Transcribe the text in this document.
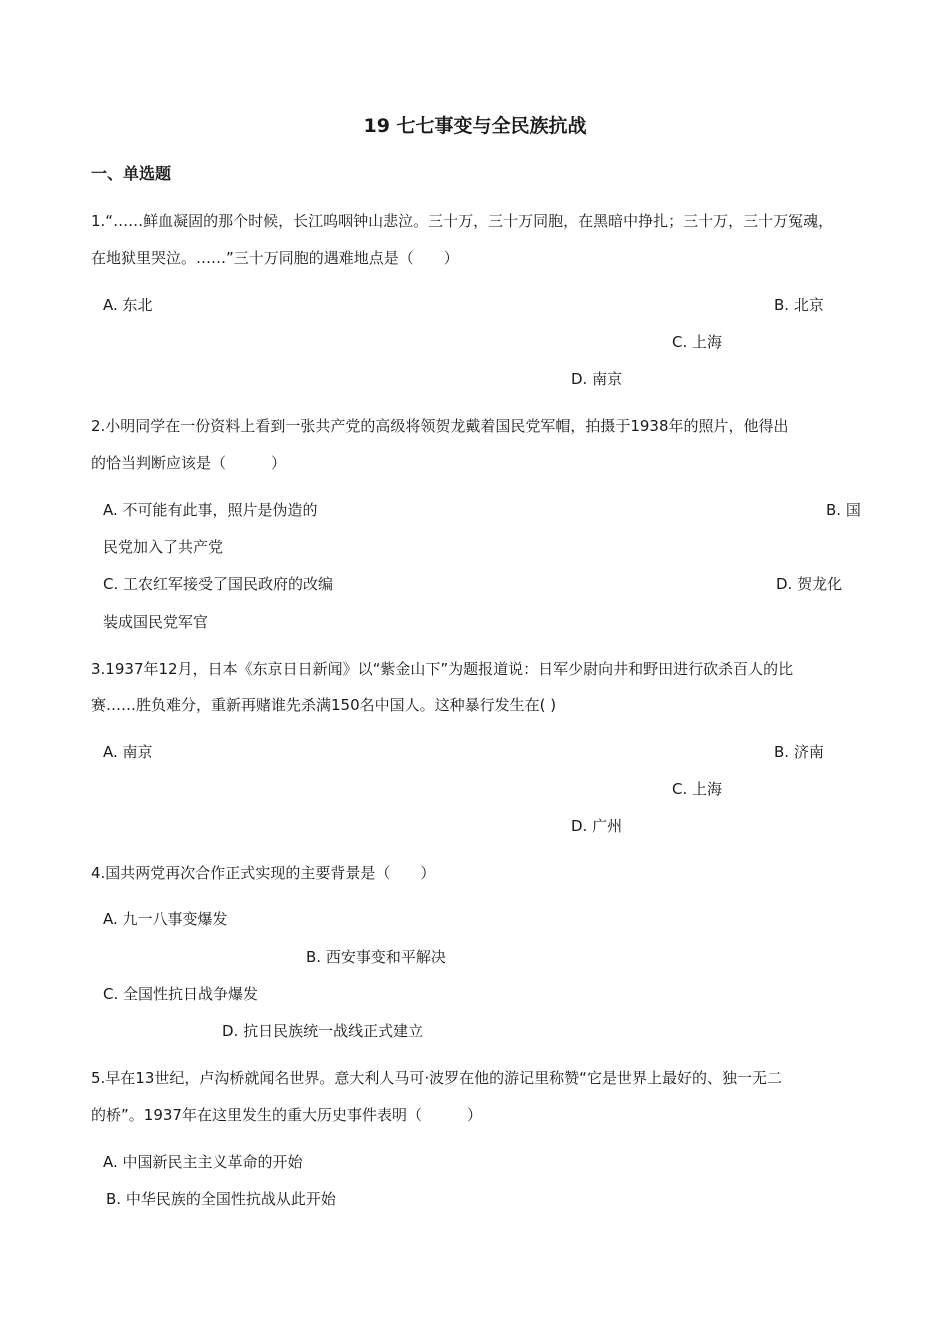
19 七七事变与全民族抗战
一、单选题
1.“……鲜血凝固的那个时候，长江呜咽钟山悲泣。三十万，三十万同胞，在黑暗中挣扎；三十万，三十万冤魂，
在地狱里哭泣。……”三十万同胞的遇难地点是（　　）
A. 东北	B. 北京
C. 上海
D. 南京
2.小明同学在一份资料上看到一张共产党的高级将领贺龙戴着国民党军帽，拍摄于1938年的照片，他得出
的恰当判断应该是（　　　）
A. 不可能有此事，照片是伪造的	B. 国
民党加入了共产党
C. 工农红军接受了国民政府的改编	D. 贺龙化
装成国民党军官
3.1937年12月，日本《东京日日新闻》以“紫金山下”为题报道说：日军少尉向井和野田进行砍杀百人的比
赛……胜负难分，重新再赌谁先杀满150名中国人。这种暴行发生在( )
A. 南京	B. 济南
C. 上海
D. 广州
4.国共两党再次合作正式实现的主要背景是（　　）
A. 九一八事变爆发
B. 西安事变和平解决
C. 全国性抗日战争爆发
D. 抗日民族统一战线正式建立
5.早在13世纪，卢沟桥就闻名世界。意大利人马可·波罗在他的游记里称赞“它是世界上最好的、独一无二
的桥”。1937年在这里发生的重大历史事件表明（　　　）
A. 中国新民主主义革命的开始
B. 中华民族的全国性抗战从此开始
